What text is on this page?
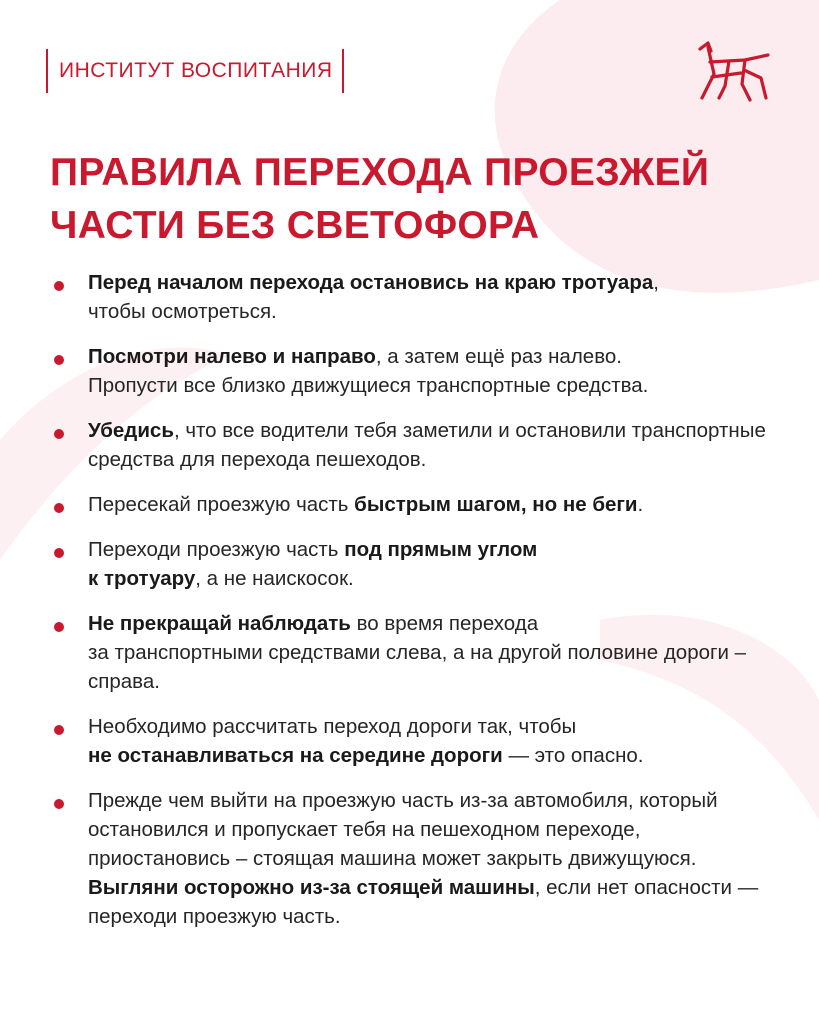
ИНСТИТУТ ВОСПИТАНИЯ
ПРАВИЛА ПЕРЕХОДА ПРОЕЗЖЕЙ
ЧАСТИ БЕЗ СВЕТОФОРА
Перед началом перехода остановись на краю тротуара,
чтобы осмотреться.
Посмотри налево и направо, а затем ещё раз налево.
Пропусти все близко движущиеся транспортные средства.
Убедись, что все водители тебя заметили и остановили транспортные средства для перехода пешеходов.
Пересекай проезжую часть быстрым шагом, но не беги.
Переходи проезжую часть под прямым углом
к тротуару, а не наискосок.
Не прекращай наблюдать во время перехода
за транспортными средствами слева, а на другой половине дороги – справа.
Необходимо рассчитать переход дороги так, чтобы
не останавливаться на середине дороги — это опасно.
Прежде чем выйти на проезжую часть из-за автомобиля, который остановился и пропускает тебя на пешеходном переходе, приостановись – стоящая машина может закрыть движущуюся. Выгляни осторожно из-за стоящей машины, если нет опасности — переходи проезжую часть.
